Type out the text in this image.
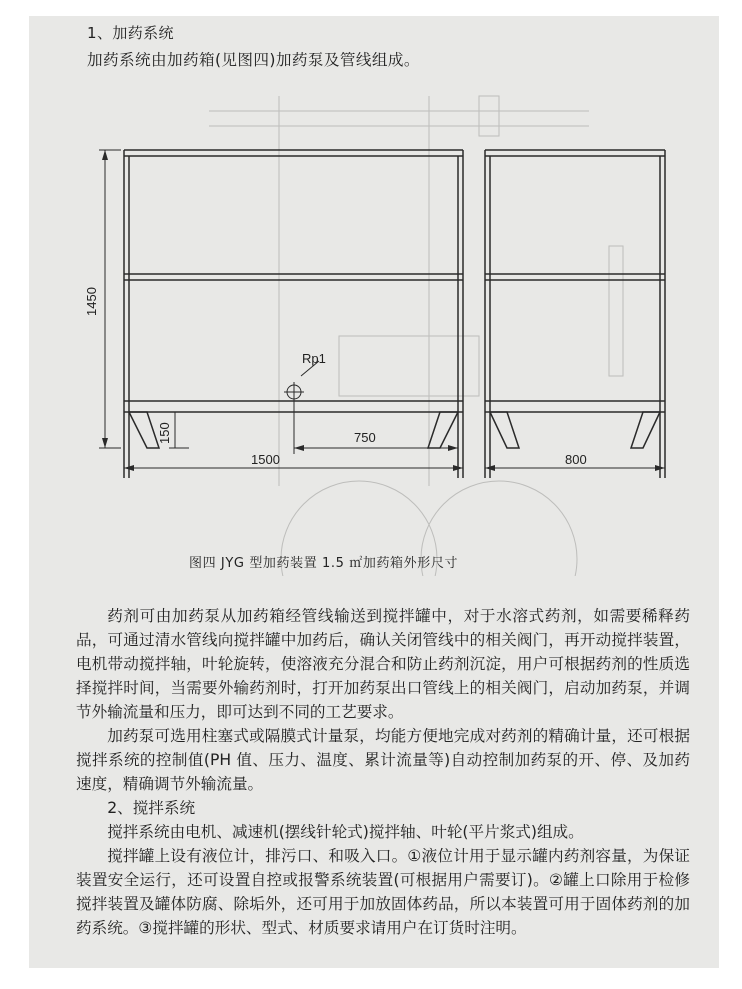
1、加药系统
加药系统由加药箱(见图四)加药泵及管线组成。
1450
150
Rp1
750
1500	800
图四 JYG 型加药装置 1.5 ㎡加药箱外形尺寸

药剂可由加药泵从加药箱经管线输送到搅拌罐中，对于水溶式药剂，如需要稀释药品，可通过清水管线向搅拌罐中加药后，确认关闭管线中的相关阀门，再开动搅拌装置，电机带动搅拌轴，叶轮旋转，使溶液充分混合和防止药剂沉淀，用户可根据药剂的性质选择搅拌时间，当需要外输药剂时，打开加药泵出口管线上的相关阀门，启动加药泵，并调节外输流量和压力，即可达到不同的工艺要求。

加药泵可选用柱塞式或隔膜式计量泵，均能方便地完成对药剂的精确计量，还可根据搅拌系统的控制值(PH 值、压力、温度、累计流量等)自动控制加药泵的开、停、及加药速度，精确调节外输流量。

2、搅拌系统

搅拌系统由电机、减速机(摆线针轮式)搅拌轴、叶轮(平片浆式)组成。

搅拌罐上设有液位计，排污口、和吸入口。①液位计用于显示罐内药剂容量，为保证装置安全运行，还可设置自控或报警系统装置(可根据用户需要订)。②罐上口除用于检修搅拌装置及罐体防腐、除垢外，还可用于加放固体药品，所以本装置可用于固体药剂的加药系统。③搅拌罐的形状、型式、材质要求请用户在订货时注明。
